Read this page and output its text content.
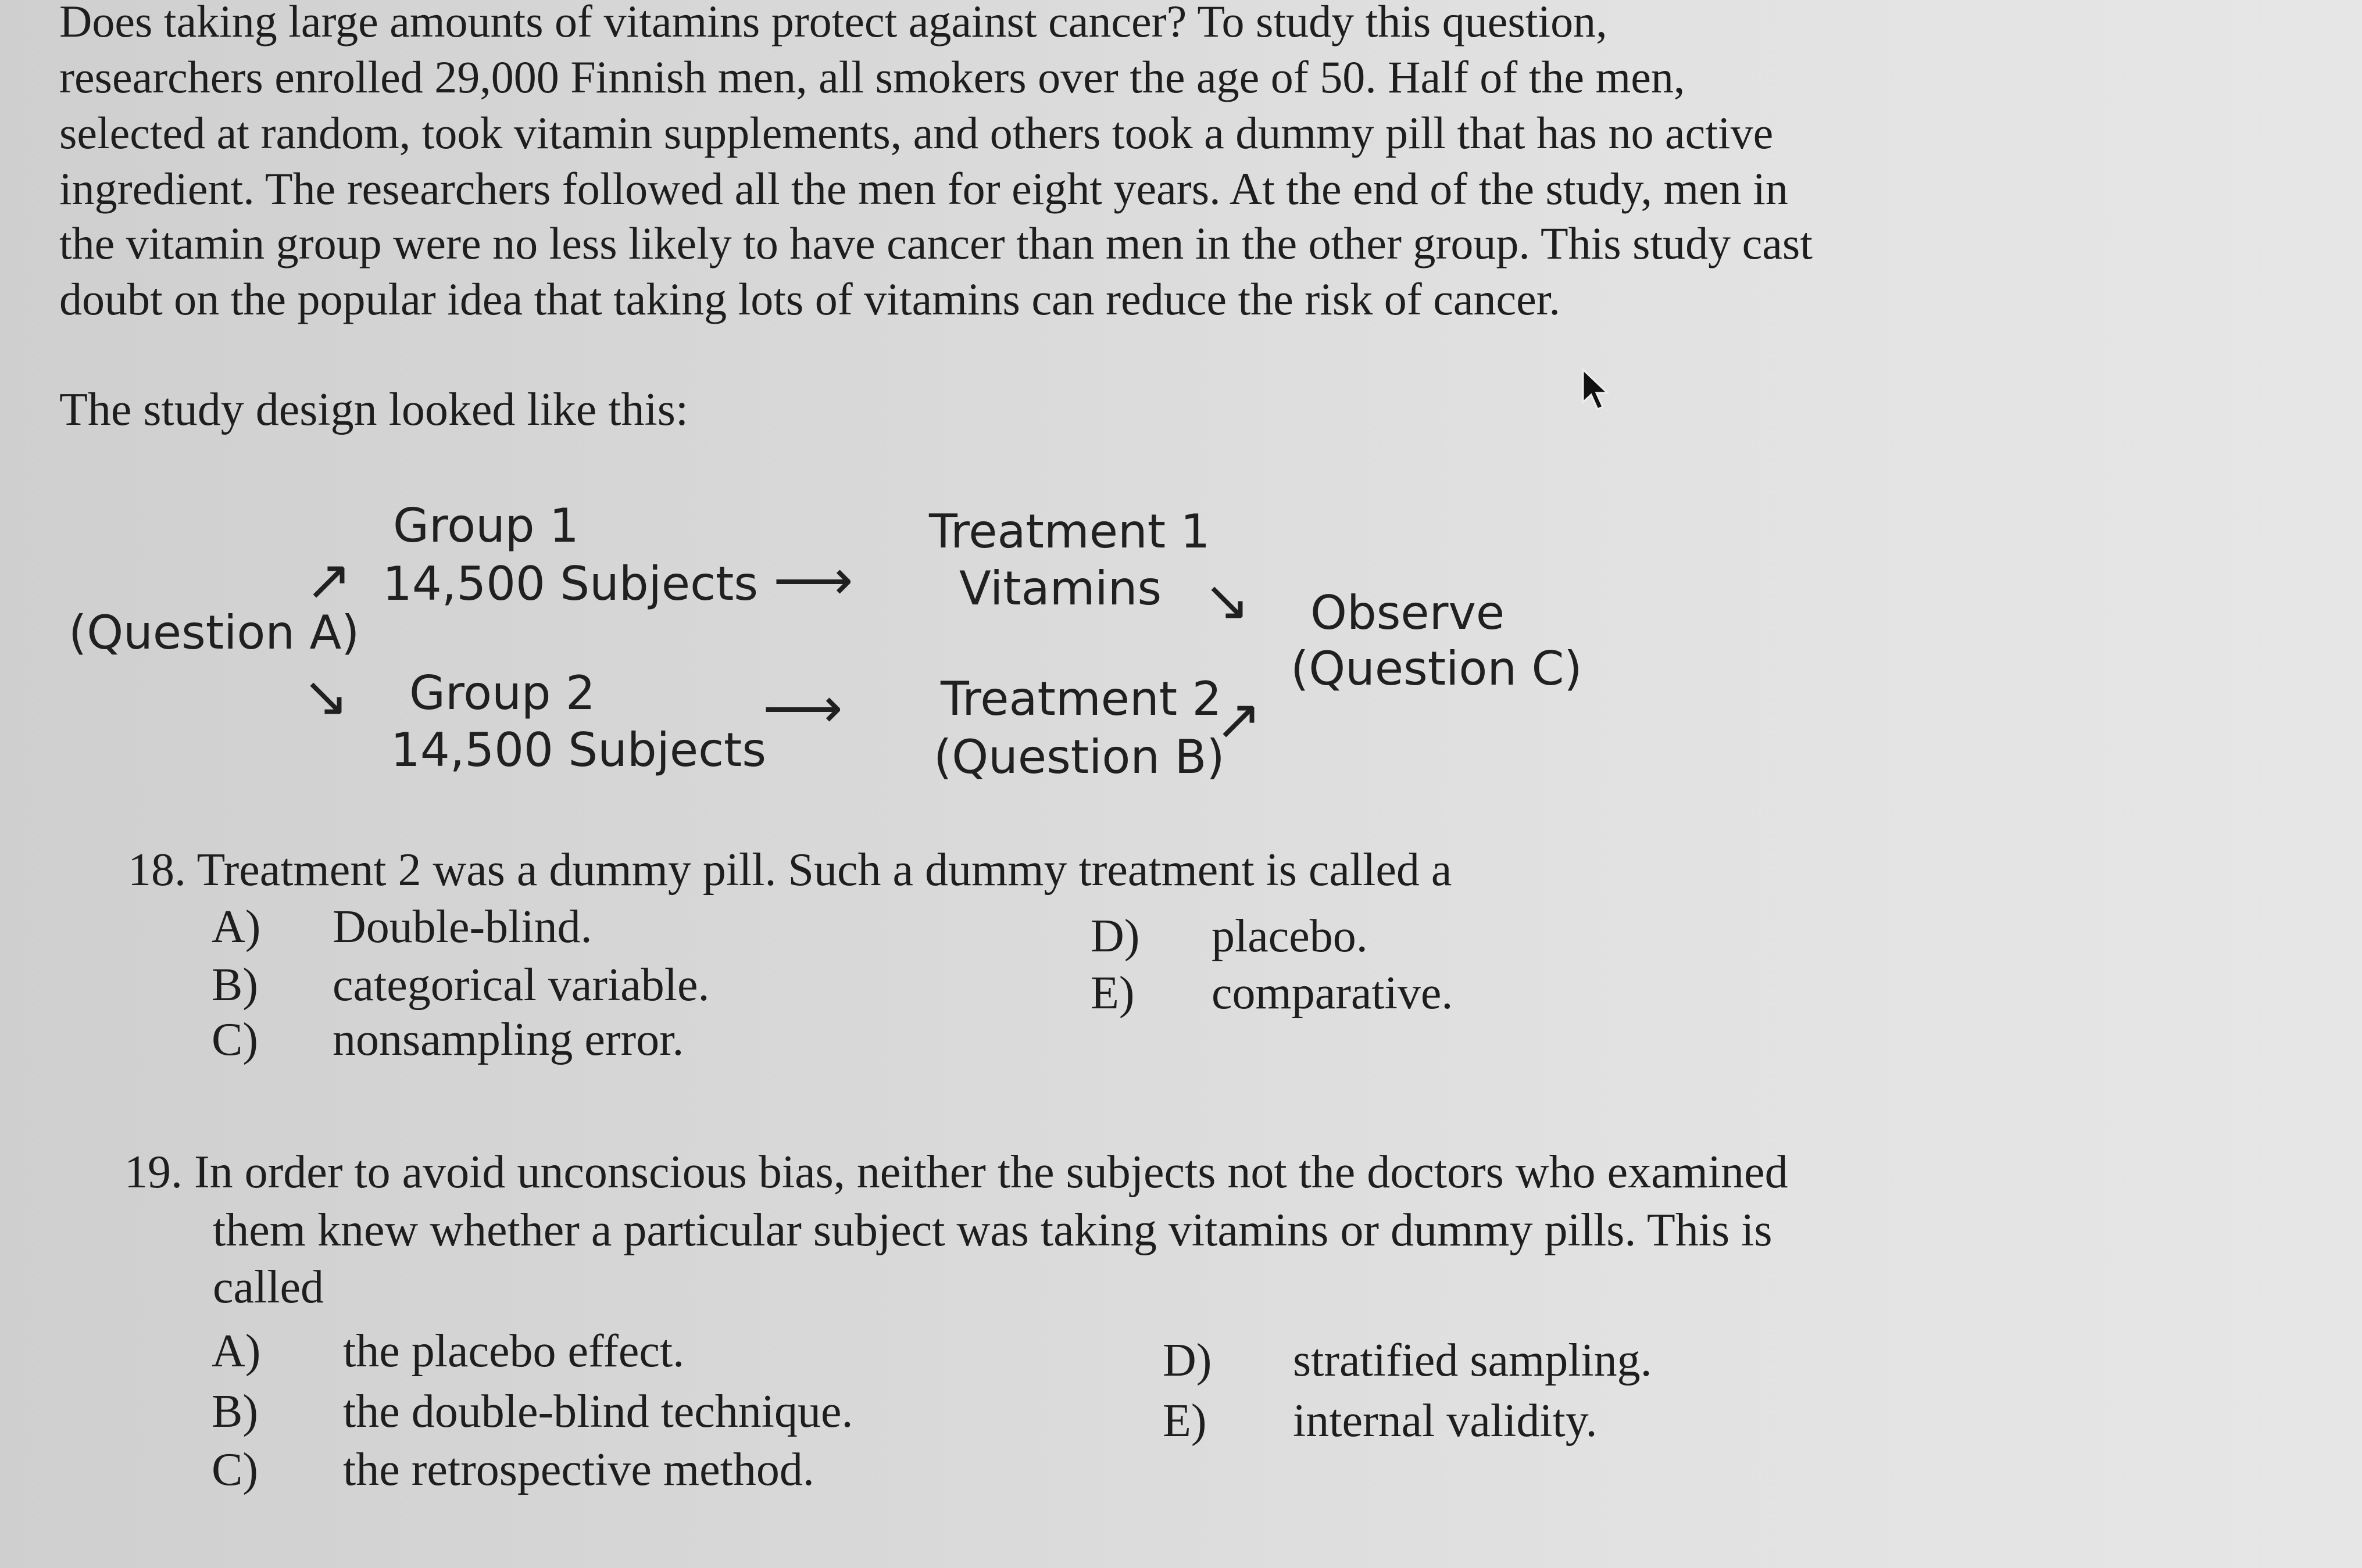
Does taking large amounts of vitamins protect against cancer? To study this question,
researchers enrolled 29,000 Finnish men, all smokers over the age of 50. Half of the men,
selected at random, took vitamin supplements, and others took a dummy pill that has no active
ingredient. The researchers followed all the men for eight years. At the end of the study, men in
the vitamin group were no less likely to have cancer than men in the other group. This study cast
doubt on the popular idea that taking lots of vitamins can reduce the risk of cancer.
The study design looked like this:
(Question A)
↗
↘
Group 1
14,500 Subjects
Group 2
14,500 Subjects
⟶
⟶
Treatment 1
Vitamins
Treatment 2
(Question B)
↘
↗
Observe
(Question C)
18. Treatment 2 was a dummy pill. Such a dummy treatment is called a
A) Double-blind.
B) categorical variable.
C) nonsampling error.
D) placebo.
E) comparative.
19. In order to avoid unconscious bias, neither the subjects not the doctors who examined
them knew whether a particular subject was taking vitamins or dummy pills. This is
called
A) the placebo effect.
B) the double-blind technique.
C) the retrospective method.
D) stratified sampling.
E) internal validity.
